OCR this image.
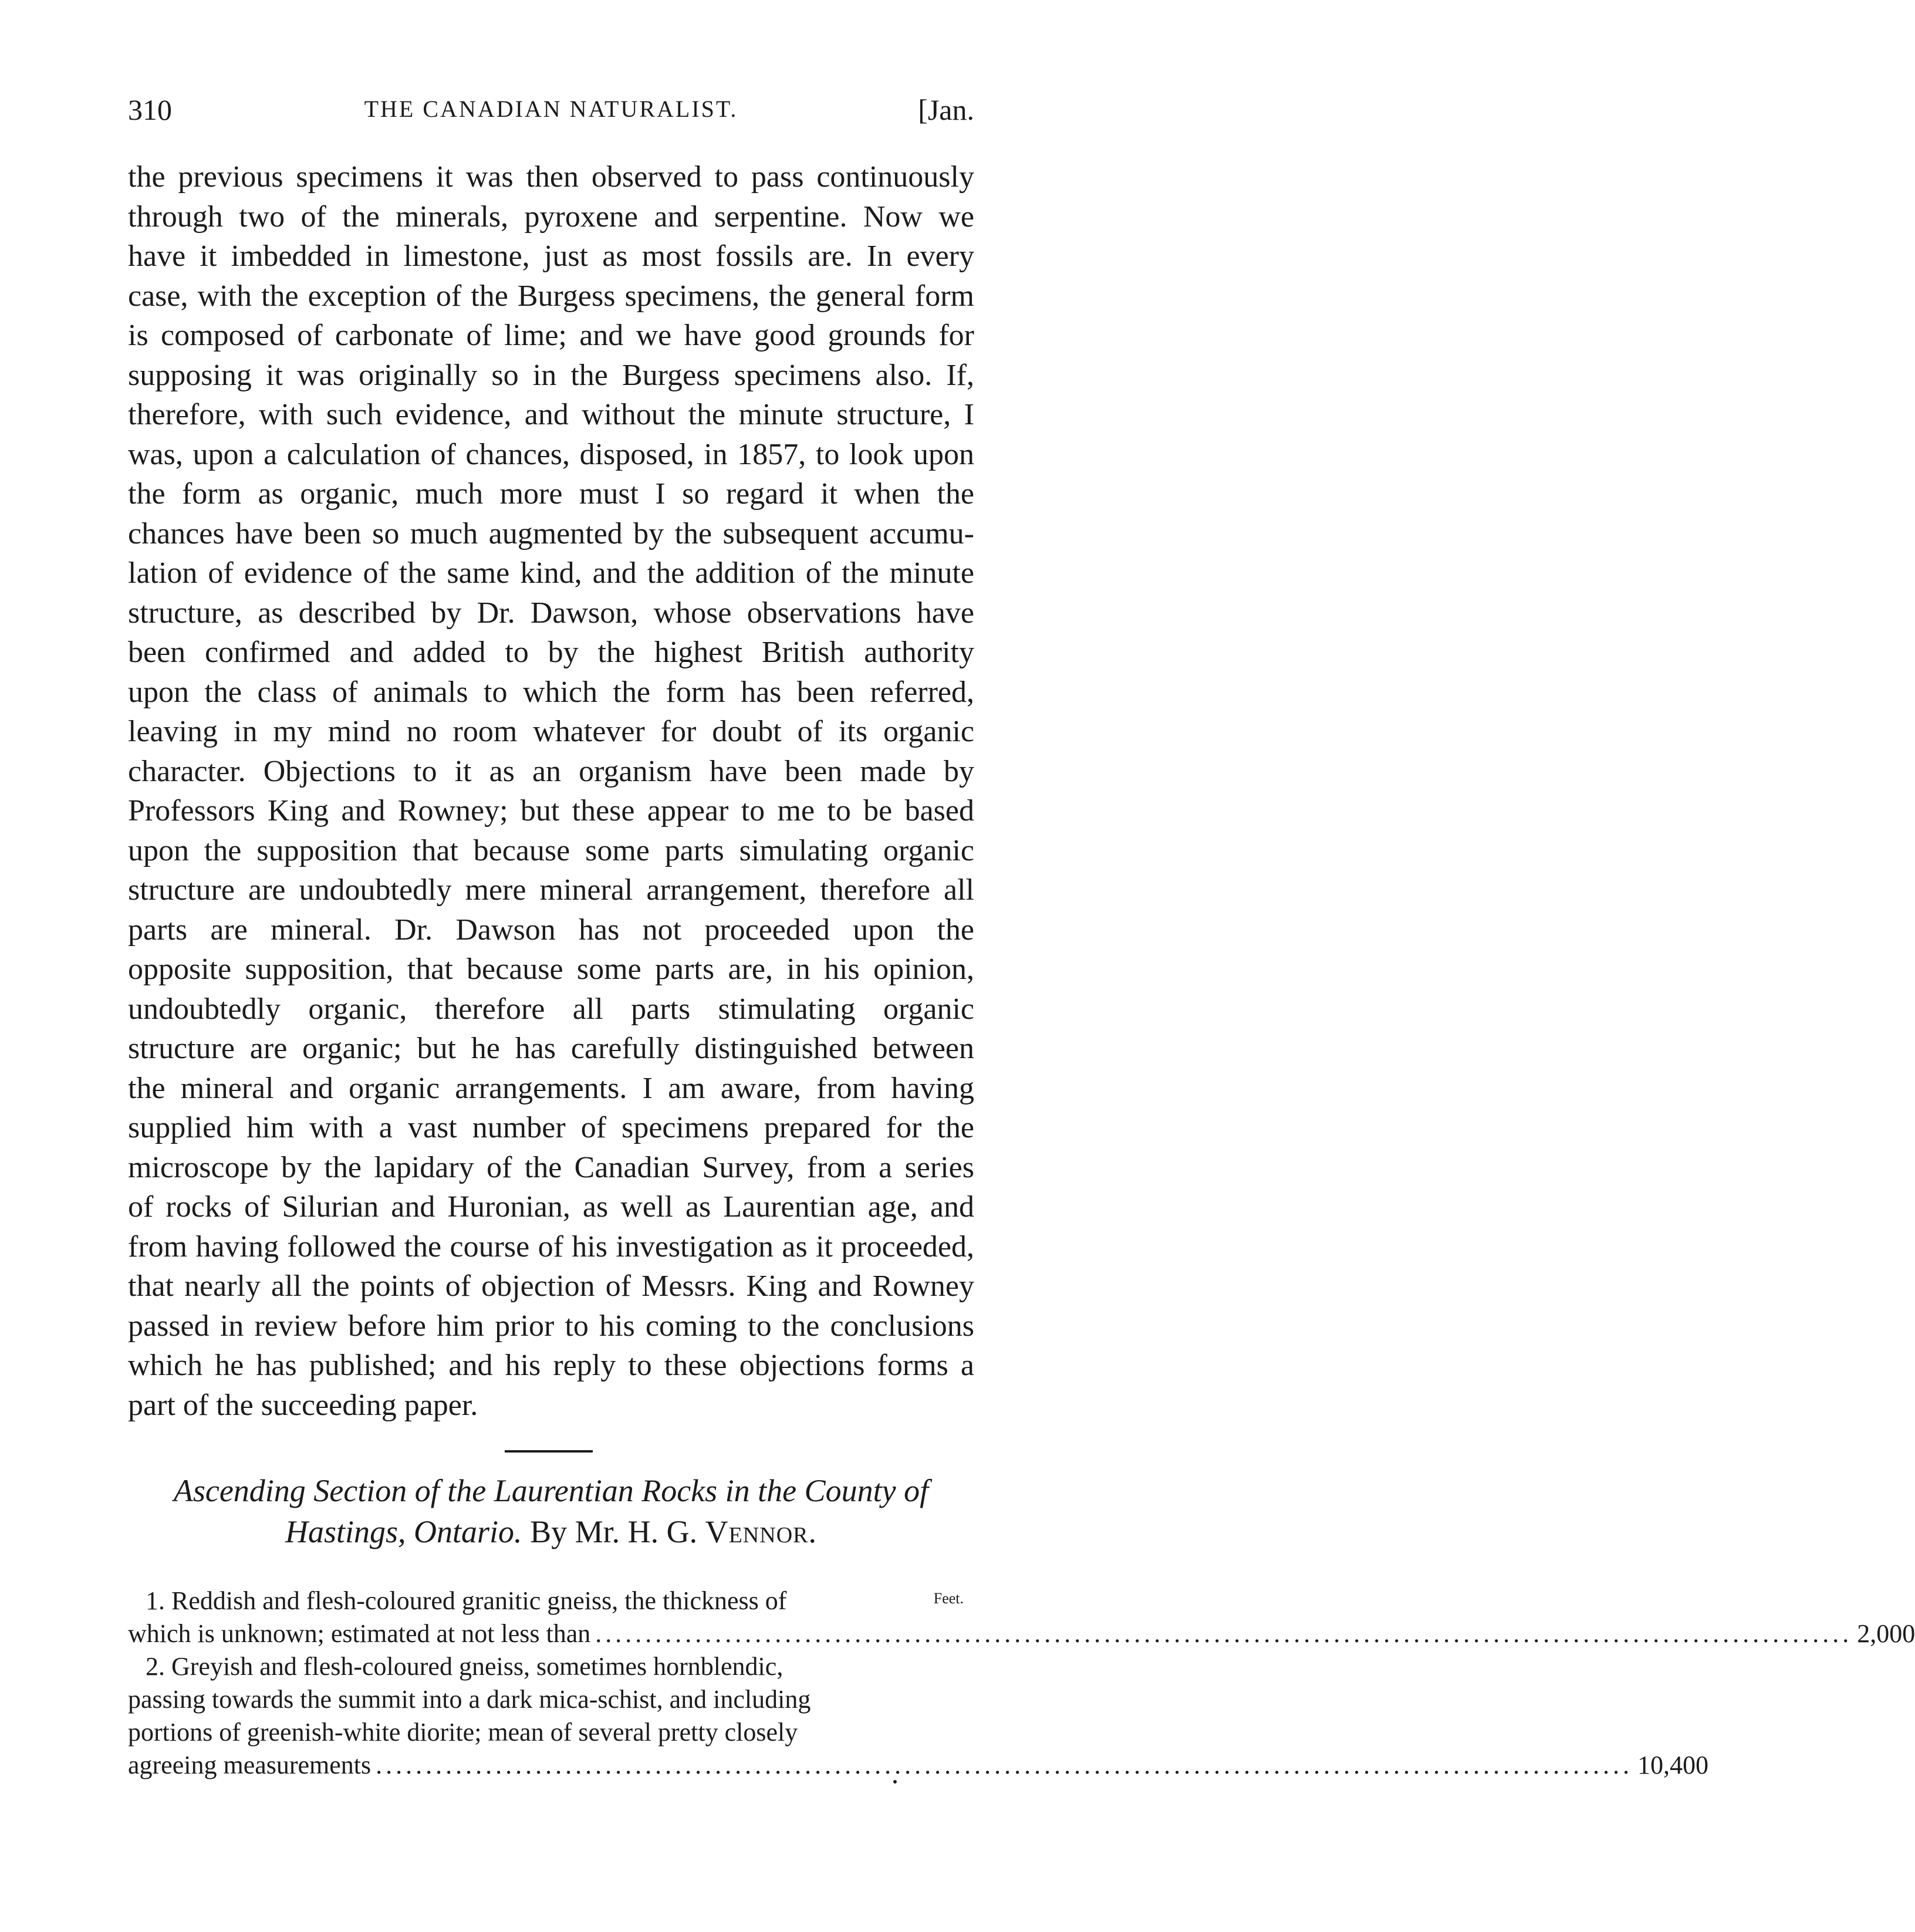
310	THE CANADIAN NATURALIST.	[Jan.
the previous specimens it was then observed to pass continuously
through two of the minerals, pyroxene and serpentine. Now we
have it imbedded in limestone, just as most fossils are. In every
case, with the exception of the Burgess specimens, the general form
is composed of carbonate of lime; and we have good grounds for
supposing it was originally so in the Burgess specimens also. If,
therefore, with such evidence, and without the minute structure, I
was, upon a calculation of chances, disposed, in 1857, to look upon
the form as organic, much more must I so regard it when the
chances have been so much augmented by the subsequent accumu-
lation of evidence of the same kind, and the addition of the minute
structure, as described by Dr. Dawson, whose observations have
been confirmed and added to by the highest British authority
upon the class of animals to which the form has been referred,
leaving in my mind no room whatever for doubt of its organic
character. Objections to it as an organism have been made by
Professors King and Rowney; but these appear to me to be based
upon the supposition that because some parts simulating organic
structure are undoubtedly mere mineral arrangement, therefore all
parts are mineral. Dr. Dawson has not proceeded upon the
opposite supposition, that because some parts are, in his opinion,
undoubtedly organic, therefore all parts stimulating organic
structure are organic; but he has carefully distinguished between
the mineral and organic arrangements. I am aware, from having
supplied him with a vast number of specimens prepared for the
microscope by the lapidary of the Canadian Survey, from a series
of rocks of Silurian and Huronian, as well as Laurentian age, and
from having followed the course of his investigation as it proceeded,
that nearly all the points of objection of Messrs. King and Rowney
passed in review before him prior to his coming to the conclusions
which he has published; and his reply to these objections forms a
part of the succeeding paper.
Ascending Section of the Laurentian Rocks in the County of
Hastings, Ontario. By Mr. H. G. Vennor.
1. Reddish and flesh-coloured granitic gneiss, the thickness of	Feet.
which is unknown; estimated at not less than .............................................................................................................................. 2,000
2. Greyish and flesh-coloured gneiss, sometimes hornblendic,
passing towards the summit into a dark mica-schist, and including
portions of greenish-white diorite; mean of several pretty closely
agreeing measurements .............................................................................................................................. 10,400
